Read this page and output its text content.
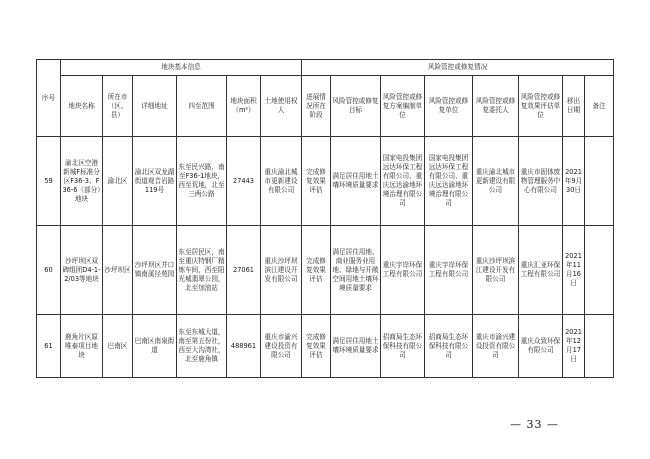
序号	地块基本信息						风险管控或修复情况							
	地块名称	所在市（区、县）	详细地址	四至范围	地块面积（m²）	土地使用权人	进展情况所在阶段	风险管控或修复目标	风险管控或修复方案编制单位	风险管控或修复单位	风险管控或修复委托人	风险管控或修复效果评估单位	移出日期	备注
59	渝北区空港新城F标准分区F36-3、F36-6（部分）地块	渝北区	渝北区双龙湖街道观音岩路119号	东至民兴路，南至F36-1地块，西至荒地，北至三两公路	27443	重庆渝北城市更新建设有限公司	完成修复效果评估	满足居住用地土壤环境质量要求	国家电投集团远达环保工程有限公司、重庆远达渝地环境治理有限公司	国家电投集团远达环保工程有限公司、重庆远达渝地环境治理有限公司	重庆渝北城市更新建设有限公司	重庆市固体废物管理服务中心有限公司	2021年9月30日	
60	沙坪坝区双碑组团D4-1-2/03等地块	沙坪坝区	沙坪坝区井口镇南溪径苑园	东至居民区，南至重庆特钢厂精炼车间，西至阳光城翡翠公园，北至加油站	27061	重庆沙坪坝滨江建设开发有限公司	完成修复效果评估	满足居住用地、商业服务业用地、绿地与开敞空间用地土壤环境质量要求	重庆宇岸环保工程有限公司	重庆宇岸环保工程有限公司	重庆沙坪坝滨江建设开发有限公司	重庆汇亚环保工程有限公司	2021年11月16日	
61	鹿角片区原唯泰项目地块	巴南区	巴南区南泉街道	东至东城大道，南至第五份社，西至大沟湾社，北至鹿角镇	488961	重庆市渝兴建设投资有限公司	完成修复效果评估	满足居住用地土壤环境质量要求	招商局生态环保科技有限公司	招商局生态环保科技有限公司	重庆市渝兴建设投资有限公司	重庆众致环保有限公司	2021年12月17日	
— 33 —
